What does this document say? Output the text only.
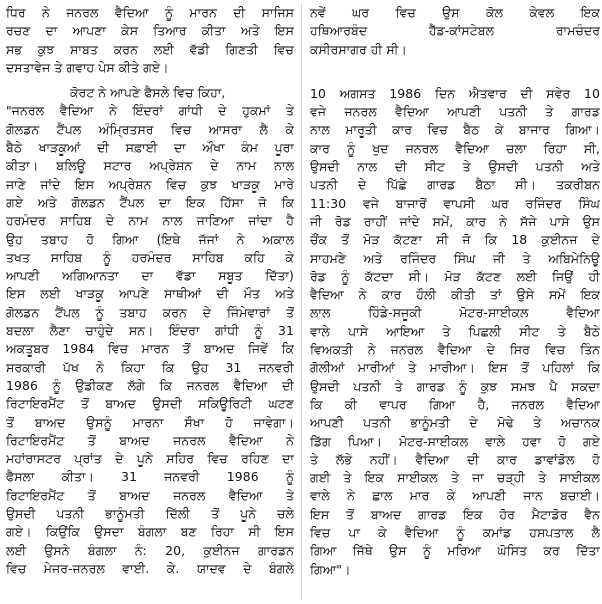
ਧਿਰ ਨੇ ਜਨਰਲ ਵੈਦਿਆ ਨੂੰ ਮਾਰਨ ਦੀ ਸਾਜਿਸ
ਰਚਣ ਦਾ ਆਪਣਾ ਕੇਸ ਤਿਆਰ ਕੀਤਾ ਅਤੇ ਇਸ
ਸਭ ਕੁਝ ਸਾਬਤ ਕਰਨ ਲਈ ਵੱਡੀ ਗਿਣਤੀ ਵਿਚ
ਦਸਤਾਵੇਜ ਤੇ ਗਵਾਹ ਪੇਸ ਕੀਤੇ ਗਏ।
ਕੋਰਟ ਨੇ ਆਪਣੇ ਫੈਸਲੇ ਵਿਚ ਕਿਹਾ,
"ਜਨਰਲ ਵੈਦਿਆ ਨੇ ਇੰਦਰਾਂ ਗਾਂਧੀ ਦੇ ਹੁਕਮਾਂ ਤੇ
ਗੋਲਡਨ ਟੈਂਪਲ ਅੰਮ੍ਰਿਤਸਰ ਵਿਚ ਆਸਰਾ ਲੈ ਕੇ
ਬੈਠੇ ਖਾੜਕੂਆਂ ਦੀ ਸਫ਼ਾਈ ਦਾ ਔਖਾ ਕੰਮ ਪੂਰਾ
ਕੀਤਾ। ਬਲਿਊ ਸਟਾਰ ਅਪ੍ਰੇਸ਼ਨ ਦੇ ਨਾਮ ਨਾਲ
ਜਾਣੇ ਜਾਂਦੇ ਇਸ ਅਪ੍ਰੇਸ਼ਨ ਵਿਚ ਕੁਝ ਖਾੜਕੂ ਮਾਰੇ
ਗਏ ਅਤੇ ਗੋਲਡਨ ਟੈਂਪਲ ਦਾ ਇਕ ਹਿੱਸਾ ਜੋ ਕਿ
ਹਰਮੰਦਰ ਸਾਹਿਬ ਦੇ ਨਾਮ ਨਾਲ ਜਾਣਿਆ ਜਾਂਦਾ ਹੈ
ਉਹ ਤਬਾਹ ਹੋ ਗਿਆ (ਇਥੇ ਜੱਜਾਂ ਨੇ ਅਕਾਲ
ਤਖਤ ਸਾਹਿਬ ਨੂੰ ਹਰਮੰਦਰ ਸਾਹਿਬ ਕਹਿ ਕੇ
ਆਪਣੀ ਅਗਿਆਨਤਾ ਦਾ ਵੱਡਾ ਸਬੂਤ ਦਿੱਤਾ)
ਇਸ ਲਈ ਖਾੜਕੂ ਆਪਣੇ ਸਾਥੀਆਂ ਦੀ ਮੌਤ ਅਤੇ
ਗੋਲਡਨ ਟੈਂਪਲ ਨੂੰ ਤਬਾਹ ਕਰਨ ਦੇ ਜਿੰਮੇਵਾਰਾਂ ਤੋਂ
ਬਦਲਾ ਲੈਣਾ ਚਾਹੁੰਦੇ ਸਨ। ਇੰਦਰਾ ਗਾਂਧੀ ਨੂੰ 31
ਅਕਤੂਬਰ 1984 ਵਿਚ ਮਾਰਨ ਤੋਂ ਬਾਅਦ ਜਿਵੇਂ ਕਿ
ਸਰਕਾਰੀ ਪੱਖ ਨੇ ਕਿਹਾ ਕਿ ਉਹ 31 ਜਨਵਰੀ
1986 ਨੂੰ ਉਡੀਕਣ ਲੱਗੇ ਕਿ ਜਨਰਲ ਵੈਦਿਆ ਦੀ
ਰਿਟਾਇਰਮੈਂਟ ਤੋਂ ਬਾਅਦ ਉਸਦੀ ਸਕਿਊਰਿਟੀ ਘਟਣ
ਤੋਂ ਬਾਅਦ ਉਸਨੂੰ ਮਾਰਨਾ ਸੌਖਾ ਹੋ ਜਾਵੇਗਾ।
ਰਿਟਾਇਰਮੈਂਟ ਤੋਂ ਬਾਅਦ ਜਨਰਲ ਵੈਦਿਆ ਨੇ
ਮਹਾਂਰਾਸਟਰ ਪ੍ਰਾਂਤ ਦੇ ਪੂਨੇ ਸਹਿਰ ਵਿਚ ਰਹਿਣ ਦਾ
ਫੈਸਲਾ ਕੀਤਾ। 31 ਜਨਵਰੀ 1986 ਨੂੰ
ਰਿਟਾਇਰਮੈਂਟ ਤੋਂ ਬਾਅਦ ਜਨਰਲ ਵੈਦਿਆ ਤੇ
ਉਸਦੀ ਪਤਨੀ ਭਾਨੂੰਮਤੀ ਦਿੱਲੀ ਤੋਂ ਪੂਨੇ ਚਲੇ
ਗਏ। ਕਿਉਂਕਿ ਉਸਦਾ ਬੰਗਲਾ ਬਣ ਰਿਹਾ ਸੀ ਇਸ
ਲਈ ਉਸਨੇ ਬੰਗਲਾ ਨੰ: 20, ਕੁਈਨਜ ਗਾਰਡਨ
ਵਿਚ ਮੇਜਰ-ਜਨਰਲ ਵਾਈ. ਕੇ. ਯਾਦਵ ਦੇ ਬੰਗਲੇ
ਨਵੇਂ ਘਰ ਵਿਚ ਉਸ ਕੋਲ ਕੇਵਲ ਇਕ
ਹਥਿਆਰਬੰਦ ਹੈੱਡ-ਕਾਂਸਟੇਬਲ ਰਾਮਚੰਦਰ
ਕਸੀਰਸਾਗਰ ਹੀ ਸੀ।
10 ਅਗਸਤ 1986 ਦਿਨ ਐਤਵਾਰ ਦੀ ਸਵੇਰ 10
ਵਜੇ ਜਨਰਲ ਵੈਦਿਆ ਆਪਣੀ ਪਤਨੀ ਤੇ ਗਾਰਡ
ਨਾਲ ਮਾਰੂਤੀ ਕਾਰ ਵਿਚ ਬੈਠ ਕੇ ਬਾਜਾਰ ਗਿਆ।
ਕਾਰ ਨੂੰ ਖੁਦ ਜਨਰਲ ਵੈਦਿਆ ਚਲਾ ਰਿਹਾ ਸੀ,
ਉਸਦੀ ਨਾਲ ਦੀ ਸੀਟ ਤੇ ਉਸਦੀ ਪਤਨੀ ਅਤੇ
ਪਤਨੀ ਦੇ ਪਿੱਛੇ ਗਾਰਡ ਬੈਠਾ ਸੀ। ਤਕਰੀਬਨ
11:30 ਵਜੇ ਬਾਜਾਰੋਂ ਵਾਪਸੀ ਘਰ ਰਜਿੰਦਰ ਸਿੰਘ
ਜੀ ਰੋਡ ਰਾਹੀਂ ਜਾਂਦੇ ਸਮੇਂ, ਕਾਰ ਨੇ ਸੱਜੇ ਪਾਸੇ ਉਸ
ਚੌਂਕ ਤੋਂ ਮੋੜ ਕੱਟਣਾ ਸੀ ਜੋ ਕਿ 18 ਕੁਈਨਜ ਦੇ
ਸਾਹਮਣੇ ਅਤੇ ਰਜਿੰਦਰ ਸਿੰਘ ਜੀ ਤੇ ਅਬਿਮੇਨਿਊ
ਰੋਡ ਨੂੰ ਕੱਟਦਾ ਸੀ। ਮੋੜ ਕੱਟਣ ਲਈ ਜਿਉਂ ਹੀ
ਵੈਦਿਆ ਨੇ ਕਾਰ ਹੌਲੀ ਕੀਤੀ ਤਾਂ ਉਸੇ ਸਮੇਂ ਇਕ
ਲਾਲ ਹਿੰਡੇ-ਸਜੂਕੀ ਮੋਟਰ-ਸਾਈਕਲ ਵੈਦਿਆ
ਵਾਲੇ ਪਾਸੇ ਆਇਆ ਤੇ ਪਿਛਲੀ ਸੀਟ ਤੇ ਬੈਠੇ
ਵਿਅਕਤੀ ਨੇ ਜਨਰਲ ਵੈਦਿਆ ਦੇ ਸਿਰ ਵਿਚ ਤਿੰਨ
ਗੋਲੀਆਂ ਮਾਰੀਆਂ ਤੇ ਮਾਰੀਆ। ਇਸ ਤੋਂ ਪਹਿਲਾਂ ਕਿ
ਉਸਦੀ ਪਤਨੀ ਤੇ ਗਾਰਡ ਨੂੰ ਕੁਝ ਸਮਝ ਪੈ ਸਕਦਾ
ਕਿ ਕੀ ਵਾਪਰ ਗਿਆ ਹੈ, ਜਨਰਲ ਵੈਦਿਆ
ਆਪਣੀ ਪਤਨੀ ਭਾਨੂੰਮਤੀ ਦੇ ਮੋਢੇ ਤੇ ਅਚਾਨਕ
ਡਿੱਗ ਪਿਆ। ਮੋਟਰ-ਸਾਈਕਲ ਵਾਲੇ ਹਵਾ ਹੋ ਗਏ
ਤੇ ਲੱਭੇ ਨਹੀਂ। ਵੈਦਿਆ ਦੀ ਕਾਰ ਡਾਵਾਂਡੋਲ ਹੋ
ਗਈ ਤੇ ਇਕ ਸਾਈਕਲ ਤੇ ਜਾ ਚੜ੍ਹੀ ਤੇ ਸਾਈਕਲ
ਵਾਲੇ ਨੇ ਛਾਲ ਮਾਰ ਕੇ ਆਪਣੀ ਜਾਨ ਬਚਾਈ।
ਇਸ ਤੋਂ ਬਾਅਦ ਗਾਰਡ ਇਕ ਹੋਰ ਮੈਟਾਡੋਰ ਵੈਨ
ਵਿਚ ਪਾ ਕੇ ਵੈਦਿਆ ਨੂੰ ਕਮਾਂਡ ਹਸਪਤਾਲ ਲੈ
ਗਿਆ ਜਿੱਥੇ ਉਸ ਨੂੰ ਮਰਿਆ ਘੋਸਿਤ ਕਰ ਦਿੱਤਾ
ਗਿਆ"।
